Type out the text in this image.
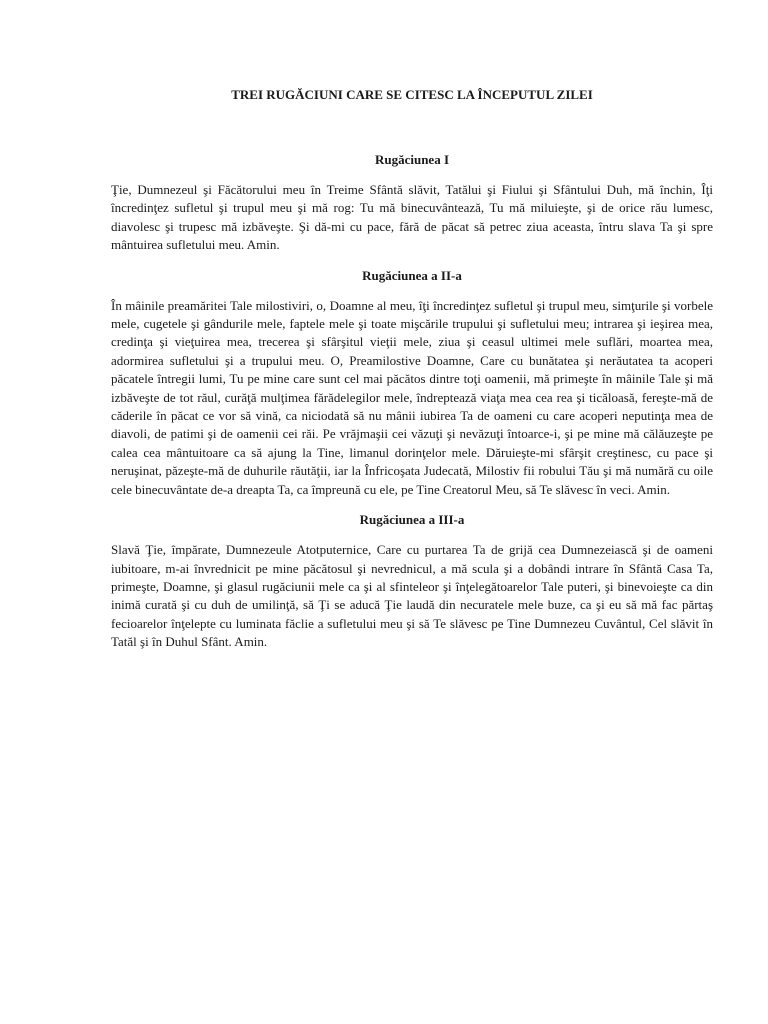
TREI RUGĂCIUNI CARE SE CITESC LA ÎNCEPUTUL ZILEI
Rugăciunea I

Ţie, Dumnezeul şi Făcătorului meu în Treime Sfântă slăvit, Tatălui şi Fiului şi Sfântului Duh, mă închin, Îţi încredinţez sufletul şi trupul meu şi mă rog: Tu mă binecuvântează, Tu mă miluieşte, şi de orice rău lumesc, diavolesc şi trupesc mă izbăveşte. Şi dă-mi cu pace, fără de păcat să petrec ziua aceasta, întru slava Ta şi spre mântuirea sufletului meu. Amin.

Rugăciunea a II-a

În mâinile preamăritei Tale milostiviri, o, Doamne al meu, îţi încredinţez sufletul şi trupul meu, simţurile şi vorbele mele, cugetele şi gândurile mele, faptele mele şi toate mişcările trupului şi sufletului meu; intrarea şi ieşirea mea, credinţa şi vieţuirea mea, trecerea şi sfârşitul vieţii mele, ziua şi ceasul ultimei mele suflări, moartea mea, adormirea sufletului şi a trupului meu. O, Preamilostive Doamne, Care cu bunătatea şi nerăutatea ta acoperi păcatele întregii lumi, Tu pe mine care sunt cel mai păcătos dintre toţi oamenii, mă primeşte în mâinile Tale şi mă izbăveşte de tot răul, curăţă mulţimea fărădelegilor mele, îndreptează viaţa mea cea rea şi ticăloasă, fereşte-mă de căderile în păcat ce vor să vină, ca niciodată să nu mânii iubirea Ta de oameni cu care acoperi neputinţa mea de diavoli, de patimi şi de oamenii cei răi. Pe vrăjmaşii cei văzuţi şi nevăzuţi întoarce-i, şi pe mine mă călăuzeşte pe calea cea mântuitoare ca să ajung la Tine, limanul dorinţelor mele. Dăruieşte-mi sfârşit creştinesc, cu pace şi neruşinat, păzeşte-mă de duhurile răutăţii, iar la Înfricoşata Judecată, Milostiv fii robului Tău şi mă numără cu oile cele binecuvântate de-a dreapta Ta, ca împreună cu ele, pe Tine Creatorul Meu, să Te slăvesc în veci. Amin.

Rugăciunea a III-a

Slavă Ţie, împărate, Dumnezeule Atotputernice, Care cu purtarea Ta de grijă cea Dumnezeiască şi de oameni iubitoare, m-ai învrednicit pe mine păcătosul şi nevrednicul, a mă scula şi a dobândi intrare în Sfântă Casa Ta, primeşte, Doamne, şi glasul rugăciunii mele ca şi al sfinteleor şi înţelegătoarelor Tale puteri, şi binevoieşte ca din inimă curată şi cu duh de umilinţă, să Ţi se aducă Ţie laudă din necuratele mele buze, ca şi eu să mă fac părtaş fecioarelor înţelepte cu luminata făclie a sufletului meu şi să Te slăvesc pe Tine Dumnezeu Cuvântul, Cel slăvit în Tatăl şi în Duhul Sfânt. Amin.
